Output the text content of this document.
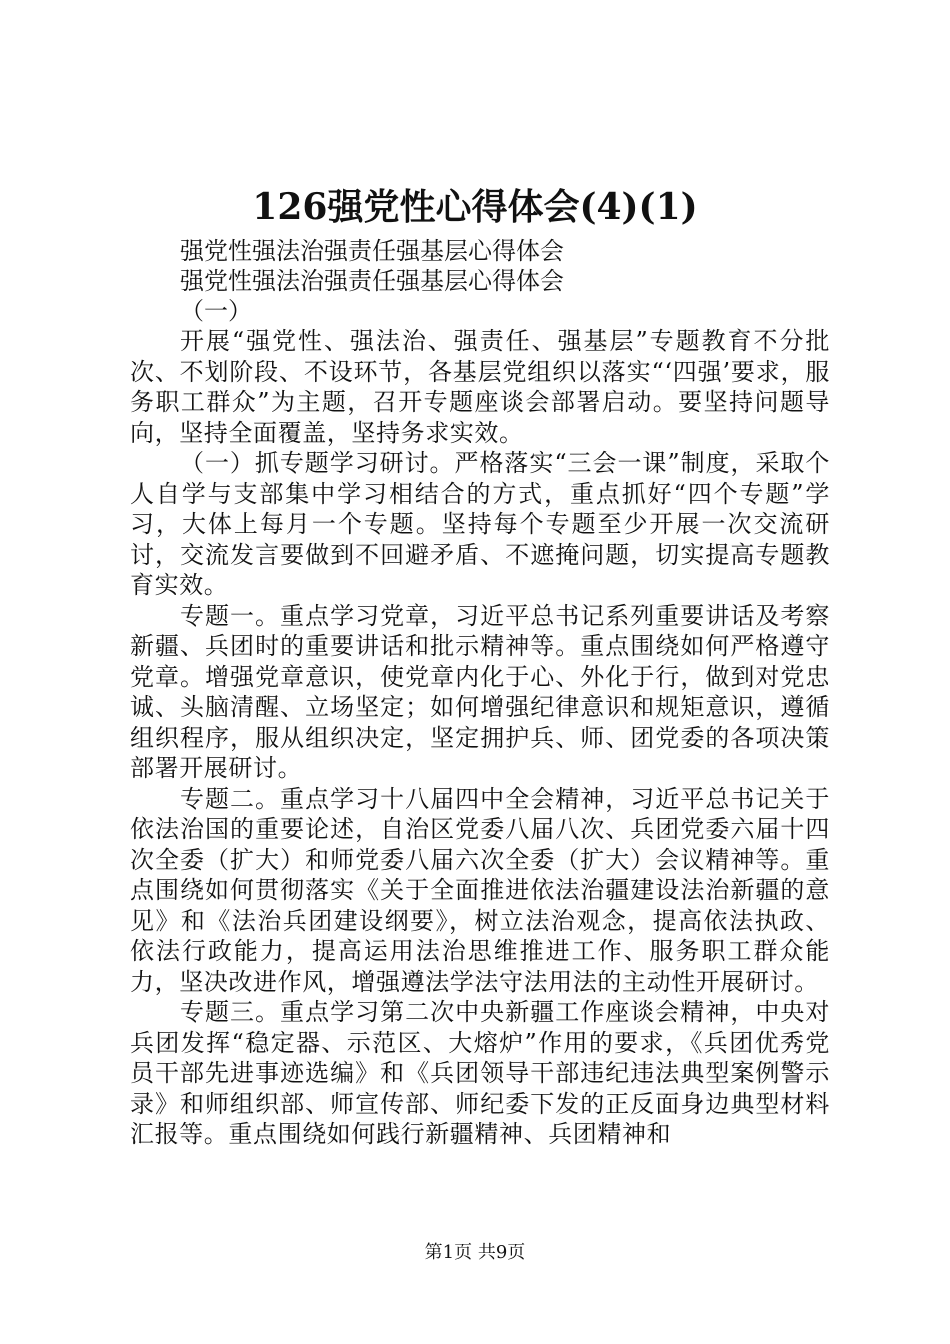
126强党性心得体会(4)(1)
强党性强法治强责任强基层心得体会
强党性强法治强责任强基层心得体会
（一）

开展“强党性、强法治、强责任、强基层”专题教育不分批次、不划阶段、不设环节，各基层党组织以落实“‘四强’要求，服务职工群众”为主题，召开专题座谈会部署启动。要坚持问题导向，坚持全面覆盖，坚持务求实效。

（一）抓专题学习研讨。严格落实“三会一课”制度，采取个人自学与支部集中学习相结合的方式，重点抓好“四个专题”学习，大体上每月一个专题。坚持每个专题至少开展一次交流研讨，交流发言要做到不回避矛盾、不遮掩问题，切实提高专题教育实效。

专题一。重点学习党章，习近平总书记系列重要讲话及考察新疆、兵团时的重要讲话和批示精神等。重点围绕如何严格遵守党章。增强党章意识，使党章内化于心、外化于行，做到对党忠诚、头脑清醒、立场坚定；如何增强纪律意识和规矩意识，遵循组织程序，服从组织决定，坚定拥护兵、师、团党委的各项决策部署开展研讨。

专题二。重点学习十八届四中全会精神，习近平总书记关于依法治国的重要论述，自治区党委八届八次、兵团党委六届十四次全委（扩大）和师党委八届六次全委（扩大）会议精神等。重点围绕如何贯彻落实《关于全面推进依法治疆建设法治新疆的意见》和《法治兵团建设纲要》，树立法治观念，提高依法执政、依法行政能力，提高运用法治思维推进工作、服务职工群众能力，坚决改进作风，增强遵法学法守法用法的主动性开展研讨。

专题三。重点学习第二次中央新疆工作座谈会精神，中央对兵团发挥“稳定器、示范区、大熔炉”作用的要求，《兵团优秀党员干部先进事迹选编》和《兵团领导干部违纪违法典型案例警示录》和师组织部、师宣传部、师纪委下发的正反面身边典型材料汇报等。重点围绕如何践行新疆精神、兵团精神和

第1页 共9页
